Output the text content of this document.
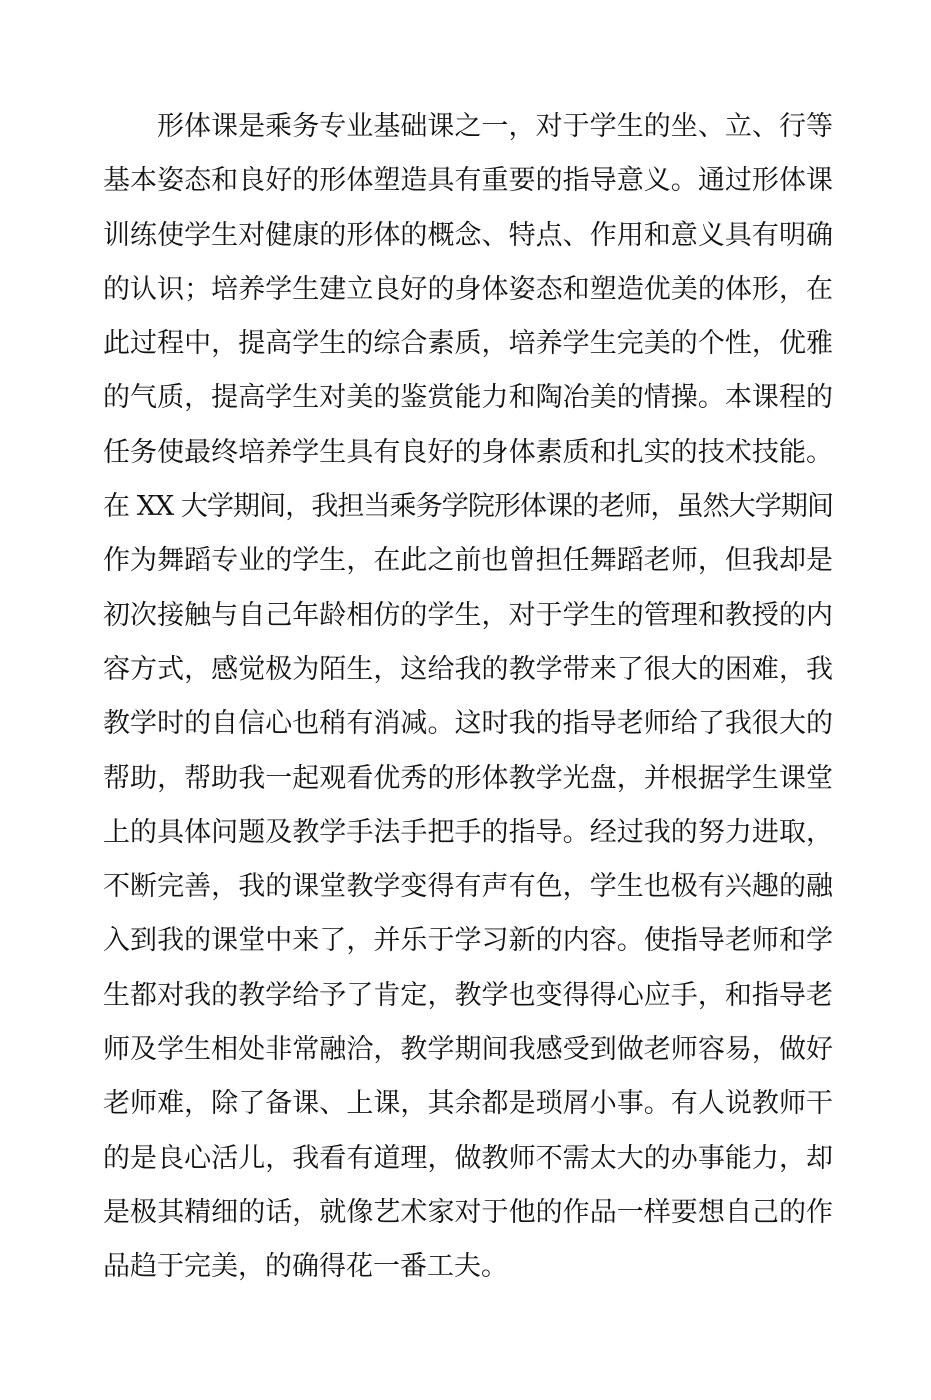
形体课是乘务专业基础课之一，对于学生的坐、立、行等
基本姿态和良好的形体塑造具有重要的指导意义。通过形体课
训练使学生对健康的形体的概念、特点、作用和意义具有明确
的认识；培养学生建立良好的身体姿态和塑造优美的体形，在
此过程中，提高学生的综合素质，培养学生完美的个性，优雅
的气质，提高学生对美的鉴赏能力和陶冶美的情操。本课程的
任务使最终培养学生具有良好的身体素质和扎实的技术技能。
在 XX 大学期间，我担当乘务学院形体课的老师，虽然大学期间
作为舞蹈专业的学生，在此之前也曾担任舞蹈老师，但我却是
初次接触与自己年龄相仿的学生，对于学生的管理和教授的内
容方式，感觉极为陌生，这给我的教学带来了很大的困难，我
教学时的自信心也稍有消减。这时我的指导老师给了我很大的
帮助，帮助我一起观看优秀的形体教学光盘，并根据学生课堂
上的具体问题及教学手法手把手的指导。经过我的努力进取，
不断完善，我的课堂教学变得有声有色，学生也极有兴趣的融
入到我的课堂中来了，并乐于学习新的内容。使指导老师和学
生都对我的教学给予了肯定，教学也变得得心应手，和指导老
师及学生相处非常融洽，教学期间我感受到做老师容易，做好
老师难，除了备课、上课，其余都是琐屑小事。有人说教师干
的是良心活儿，我看有道理，做教师不需太大的办事能力，却
是极其精细的话，就像艺术家对于他的作品一样要想自己的作
品趋于完美，的确得花一番工夫。
